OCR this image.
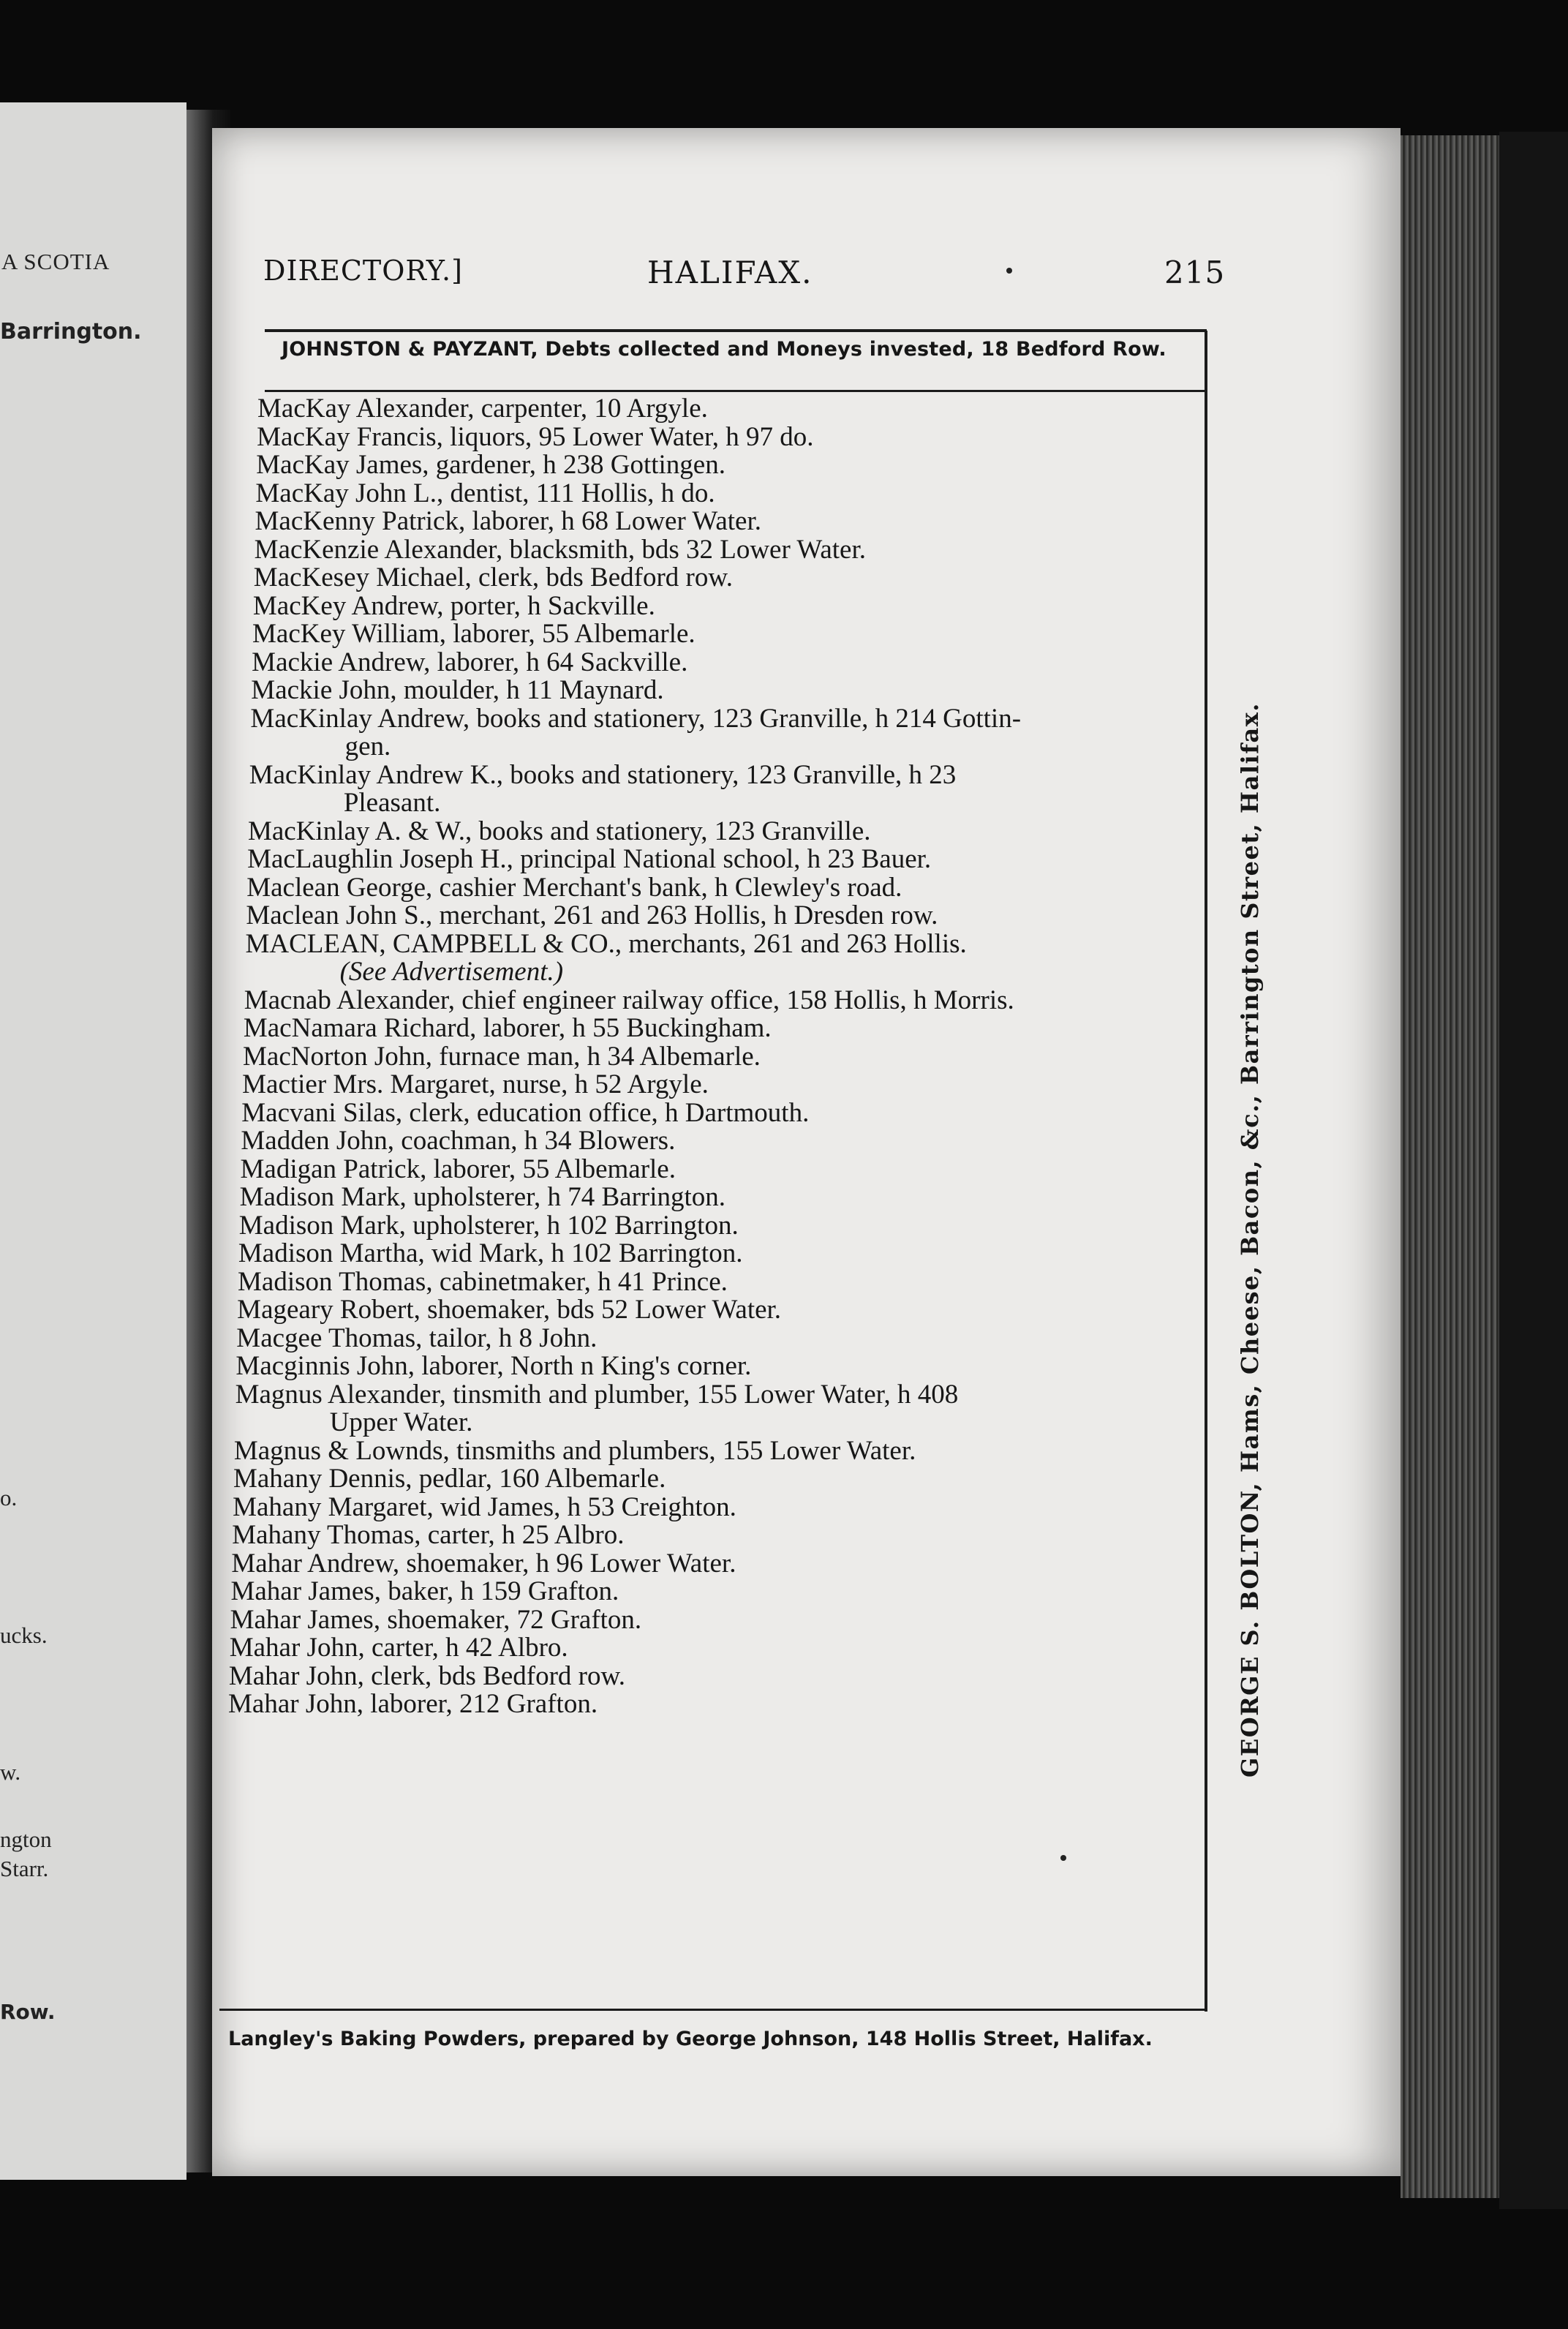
A SCOTIA
Barrington.
o.
ucks.
w.
ngton
Starr.
Row.
DIRECTORY.]	HALIFAX.	215
JOHNSTON & PAYZANT, Debts collected and Moneys invested, 18 Bedford Row.
GEORGE S. BOLTON, Hams, Cheese, Bacon, &c., Barrington Street, Halifax.
MacKay Alexander, carpenter, 10 Argyle.
MacKay Francis, liquors, 95 Lower Water, h 97 do.
MacKay James, gardener, h 238 Gottingen.
MacKay John L., dentist, 111 Hollis, h do.
MacKenny Patrick, laborer, h 68 Lower Water.
MacKenzie Alexander, blacksmith, bds 32 Lower Water.
MacKesey Michael, clerk, bds Bedford row.
MacKey Andrew, porter, h Sackville.
MacKey William, laborer, 55 Albemarle.
Mackie Andrew, laborer, h 64 Sackville.
Mackie John, moulder, h 11 Maynard.
MacKinlay Andrew, books and stationery, 123 Granville, h 214 Gottin-
gen.
MacKinlay Andrew K., books and stationery, 123 Granville, h 23
Pleasant.
MacKinlay A. & W., books and stationery, 123 Granville.
MacLaughlin Joseph H., principal National school, h 23 Bauer.
Maclean George, cashier Merchant's bank, h Clewley's road.
Maclean John S., merchant, 261 and 263 Hollis, h Dresden row.
MACLEAN, CAMPBELL & CO., merchants, 261 and 263 Hollis.
(See Advertisement.)
Macnab Alexander, chief engineer railway office, 158 Hollis, h Morris.
MacNamara Richard, laborer, h 55 Buckingham.
MacNorton John, furnace man, h 34 Albemarle.
Mactier Mrs. Margaret, nurse, h 52 Argyle.
Macvani Silas, clerk, education office, h Dartmouth.
Madden John, coachman, h 34 Blowers.
Madigan Patrick, laborer, 55 Albemarle.
Madison Mark, upholsterer, h 74 Barrington.
Madison Mark, upholsterer, h 102 Barrington.
Madison Martha, wid Mark, h 102 Barrington.
Madison Thomas, cabinetmaker, h 41 Prince.
Mageary Robert, shoemaker, bds 52 Lower Water.
Macgee Thomas, tailor, h 8 John.
Macginnis John, laborer, North n King's corner.
Magnus Alexander, tinsmith and plumber, 155 Lower Water, h 408
Upper Water.
Magnus & Lownds, tinsmiths and plumbers, 155 Lower Water.
Mahany Dennis, pedlar, 160 Albemarle.
Mahany Margaret, wid James, h 53 Creighton.
Mahany Thomas, carter, h 25 Albro.
Mahar Andrew, shoemaker, h 96 Lower Water.
Mahar James, baker, h 159 Grafton.
Mahar James, shoemaker, 72 Grafton.
Mahar John, carter, h 42 Albro.
Mahar John, clerk, bds Bedford row.
Mahar John, laborer, 212 Grafton.
Langley's Baking Powders, prepared by George Johnson, 148 Hollis Street, Halifax.
